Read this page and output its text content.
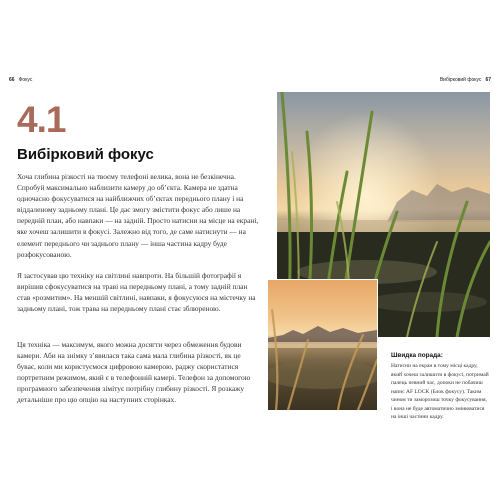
66 Фокус	Вибірковий фокус 67
4.1
Вибірковий фокус

Хоча глибина різкості на твоєму телефоні велика, вона не безкінечна. Спробуй максимально наблизити камеру до об’єкта. Камера не здатна одночасно фокусуватися на найближчих об’єктах переднього плану і на віддаленому задньому плані. Це дає змогу змістити фокус або лише на передній план, або навпаки — на задній. Просто натисни на місце на екрані, яке хочеш залишити в фокусі. Залежно від того, де саме натиснути — на елемент переднього чи заднього плану — інша частина кадру буде розфокусованою.

Я застосував цю техніку на світлині навпроти. На більшій фотографії я вирішив сфокусуватися на траві на передньому плані, а тому задній план став «розмитим». На меншій світлині, навпаки, я фокусуюся на містечку на задньому плані, тож трава на передньому плані стає зблюреною.

Ця техніка — максимум, якого можна досягти через обмеження будови камери. Аби на знімку з’явилася така сама мала глибина різкості, як це буває, коли ми користуємося цифровою камерою, раджу скористатися портретним режимом, який є в телефонній камері. Телефон за допомогою програмного забезпечення зімітує потрібну глибину різкості. Я розкажу детальніше про цю опцію на наступних сторінках.

Швидка порада:

Натисни на екран в тому місці кадру, який хочеш залишити в фокусі, потримай палець певний час, допоки не побачиш напис AF LOCK (Блок фокусу). Таким чином ти заморозиш точку фокусування, і вона не буде автоматично змінюватися на інші частини кадру.
